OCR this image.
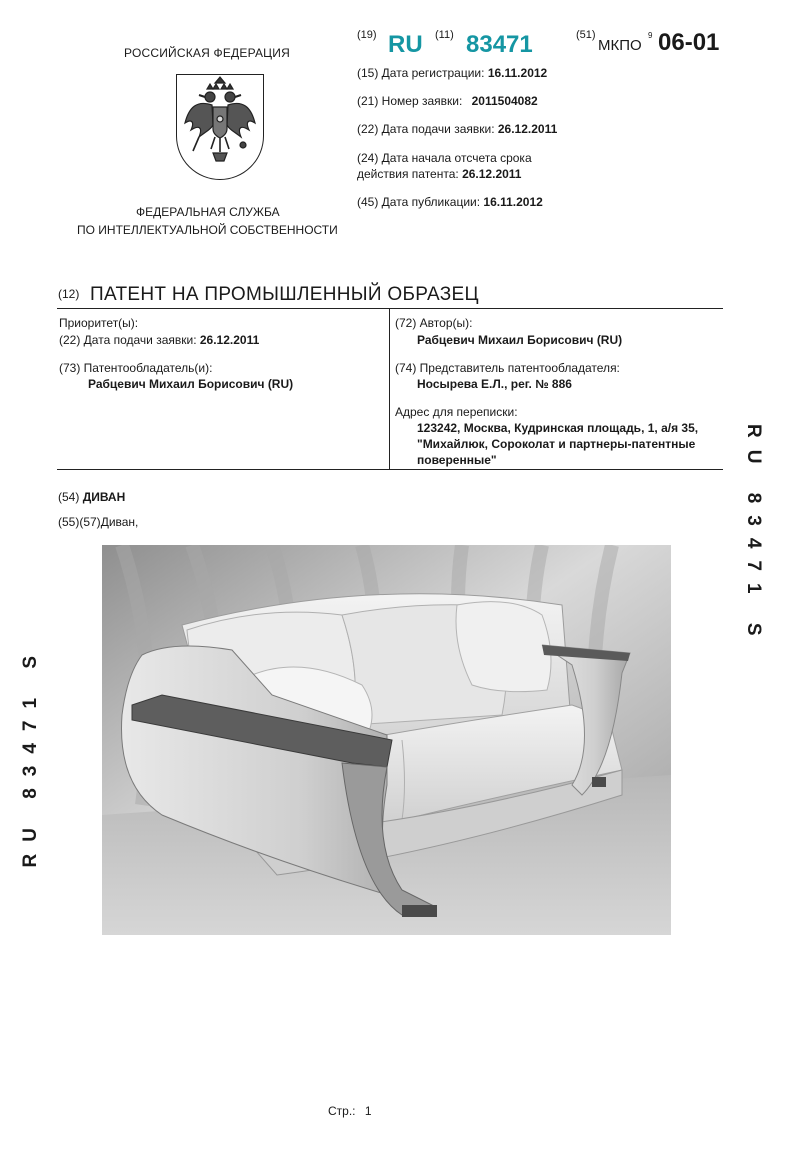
РОССИЙСКАЯ ФЕДЕРАЦИЯ
ФЕДЕРАЛЬНАЯ СЛУЖБА
ПО ИНТЕЛЛЕКТУАЛЬНОЙ СОБСТВЕННОСТИ
(19) RU (11) 83471	(51)
МКПО
9 06-01
(15) Дата регистрации: 16.11.2012
(21) Номер заявки: 2011504082
(22) Дата подачи заявки: 26.12.2011
(24) Дата начала отсчета срока
действия патента: 26.12.2011
(45) Дата публикации: 16.11.2012
(12) ПАТЕНТ НА ПРОМЫШЛЕННЫЙ ОБРАЗЕЦ
Приоритет(ы):
(22) Дата подачи заявки: 26.12.2011
(73) Патентообладатель(и):
Рабцевич Михаил Борисович (RU)
(72) Автор(ы):
Рабцевич Михаил Борисович (RU)
(74) Представитель патентообладателя:
Носырева Е.Л., рег. № 886
Адрес для переписки:
123242, Москва, Кудринская площадь, 1, а/я 35,
"Михайлюк, Сороколат и партнеры-патентные
поверенные"
(54) ДИВАН
(55)(57)Диван,	RU 83471 S
RU 83471 S
Стр.: 1
